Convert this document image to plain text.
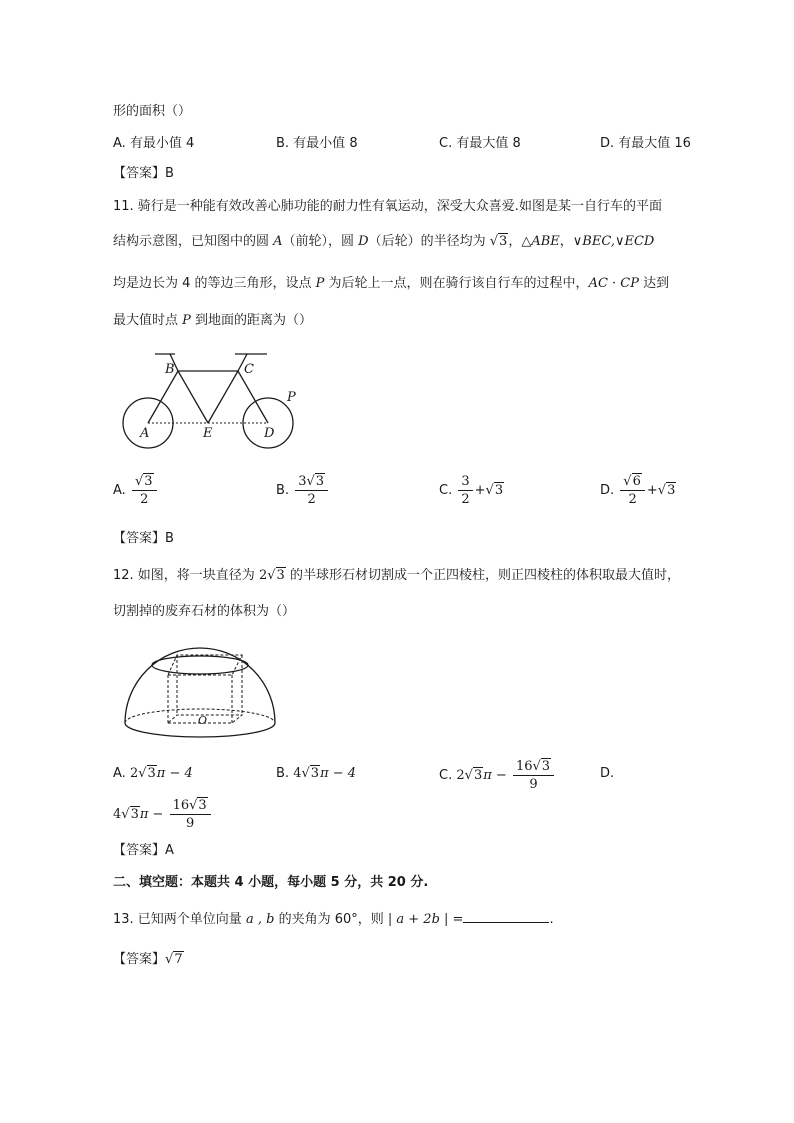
形的面积（）
A. 有最小值 4	B. 有最小值 8	C. 有最大值 8	D. 有最大值 16
【答案】B
11. 骑行是一种能有效改善心肺功能的耐力性有氧运动，深受大众喜爱.如图是某一自行车的平面
结构示意图，已知图中的圆 A（前轮），圆 D（后轮）的半径均为 √3，△ABE，∨BEC,∨ECD
均是边长为 4 的等边三角形，设点 P 为后轮上一点，则在骑行该自行车的过程中，AC · CP 达到
最大值时点 P 到地面的距离为（）
B	C
P
A	E	D
A. $\frac{√3}{2}$	B. $\frac{3√3}{2}$	C. $\frac{3}{2} +√3$	D. $\frac{√6}{2} +√3$
【答案】B
12. 如图，将一块直径为 2√3 的半球形石材切割成一个正四棱柱，则正四棱柱的体积取最大值时，
切割掉的废弃石材的体积为（）
O
A. 2√3π − 4	B. 4√3π − 4	C. $2√3\pi - \frac{16√3}{9}$	D.
$4√3\pi - \frac{16√3}{9}$
【答案】A
二、填空题：本题共 4 小题，每小题 5 分，共 20 分.
13. 已知两个单位向量 a , b 的夹角为 60°，则 | a + 2b | =	.
【答案】√7
